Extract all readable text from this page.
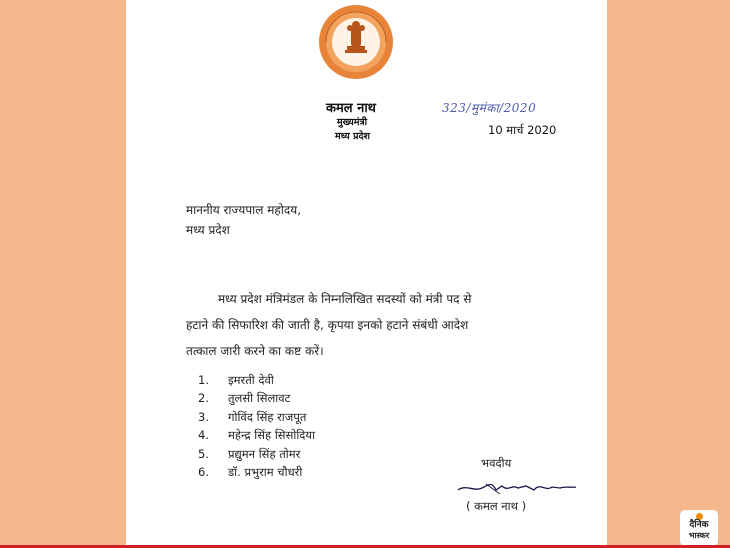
कमल नाथ
मुख्यमंत्री
मध्य प्रदेश
323/मुमंका/2020
10 मार्च 2020
माननीय राज्यपाल महोदय,
मध्य प्रदेश
मध्य प्रदेश मंत्रिमंडल के निम्नलिखित सदस्यों को मंत्री पद से
हटाने की सिफारिश की जाती है, कृपया इनको हटाने संबंधी आदेश
तत्काल जारी करने का कष्ट करें।
1. इमरती देवी
2. तुलसी सिलावट
3. गोविंद सिंह राजपूत
4. महेन्द्र सिंह सिसोदिया
5. प्रद्युमन सिंह तोमर
6. डॉ. प्रभुराम चौधरी
भवदीय
( कमल नाथ )
दैनिक
भास्कर
